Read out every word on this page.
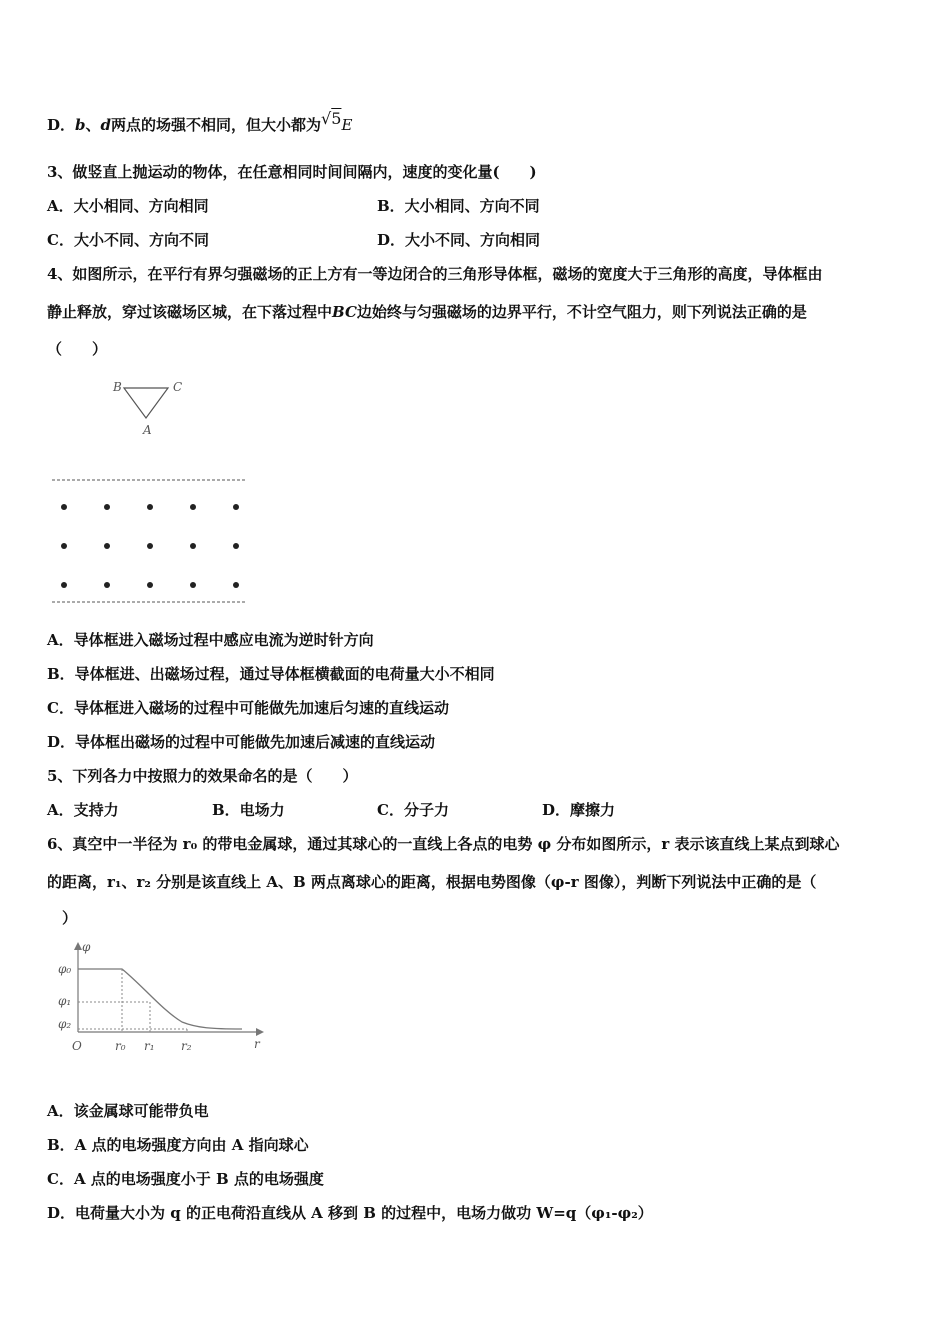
D．b、d两点的场强不相同，但大小都为√5E
3、做竖直上抛运动的物体，在任意相同时间间隔内，速度的变化量(　　)
A．大小相同、方向相同	B．大小相同、方向不同
C．大小不同、方向不同	D．大小不同、方向相同
4、如图所示，在平行有界匀强磁场的正上方有一等边闭合的三角形导体框，磁场的宽度大于三角形的高度，导体框由
静止释放，穿过该磁场区城，在下落过程中BC边始终与匀强磁场的边界平行，不计空气阻力，则下列说法正确的是
（　　）
B	C
A
A．导体框进入磁场过程中感应电流为逆时针方向
B．导体框进、出磁场过程，通过导体框横截面的电荷量大小不相同
C．导体框进入磁场的过程中可能做先加速后匀速的直线运动
D．导体框出磁场的过程中可能做先加速后减速的直线运动
5、下列各力中按照力的效果命名的是（　　）
A．支持力	B．电场力	C．分子力	D．摩擦力
6、真空中一半径为 r₀ 的带电金属球，通过其球心的一直线上各点的电势 φ 分布如图所示，r 表示该直线上某点到球心
的距离，r₁、r₂ 分别是该直线上 A、B 两点离球心的距离，根据电势图像（φ-r 图像），判断下列说法中正确的是（
）
φ
φ₀
φ₁
φ₂
O	r₀ r₁ r₂	r
A．该金属球可能带负电
B．A 点的电场强度方向由 A 指向球心
C．A 点的电场强度小于 B 点的电场强度
D．电荷量大小为 q 的正电荷沿直线从 A 移到 B 的过程中，电场力做功 W=q（φ₁-φ₂）
